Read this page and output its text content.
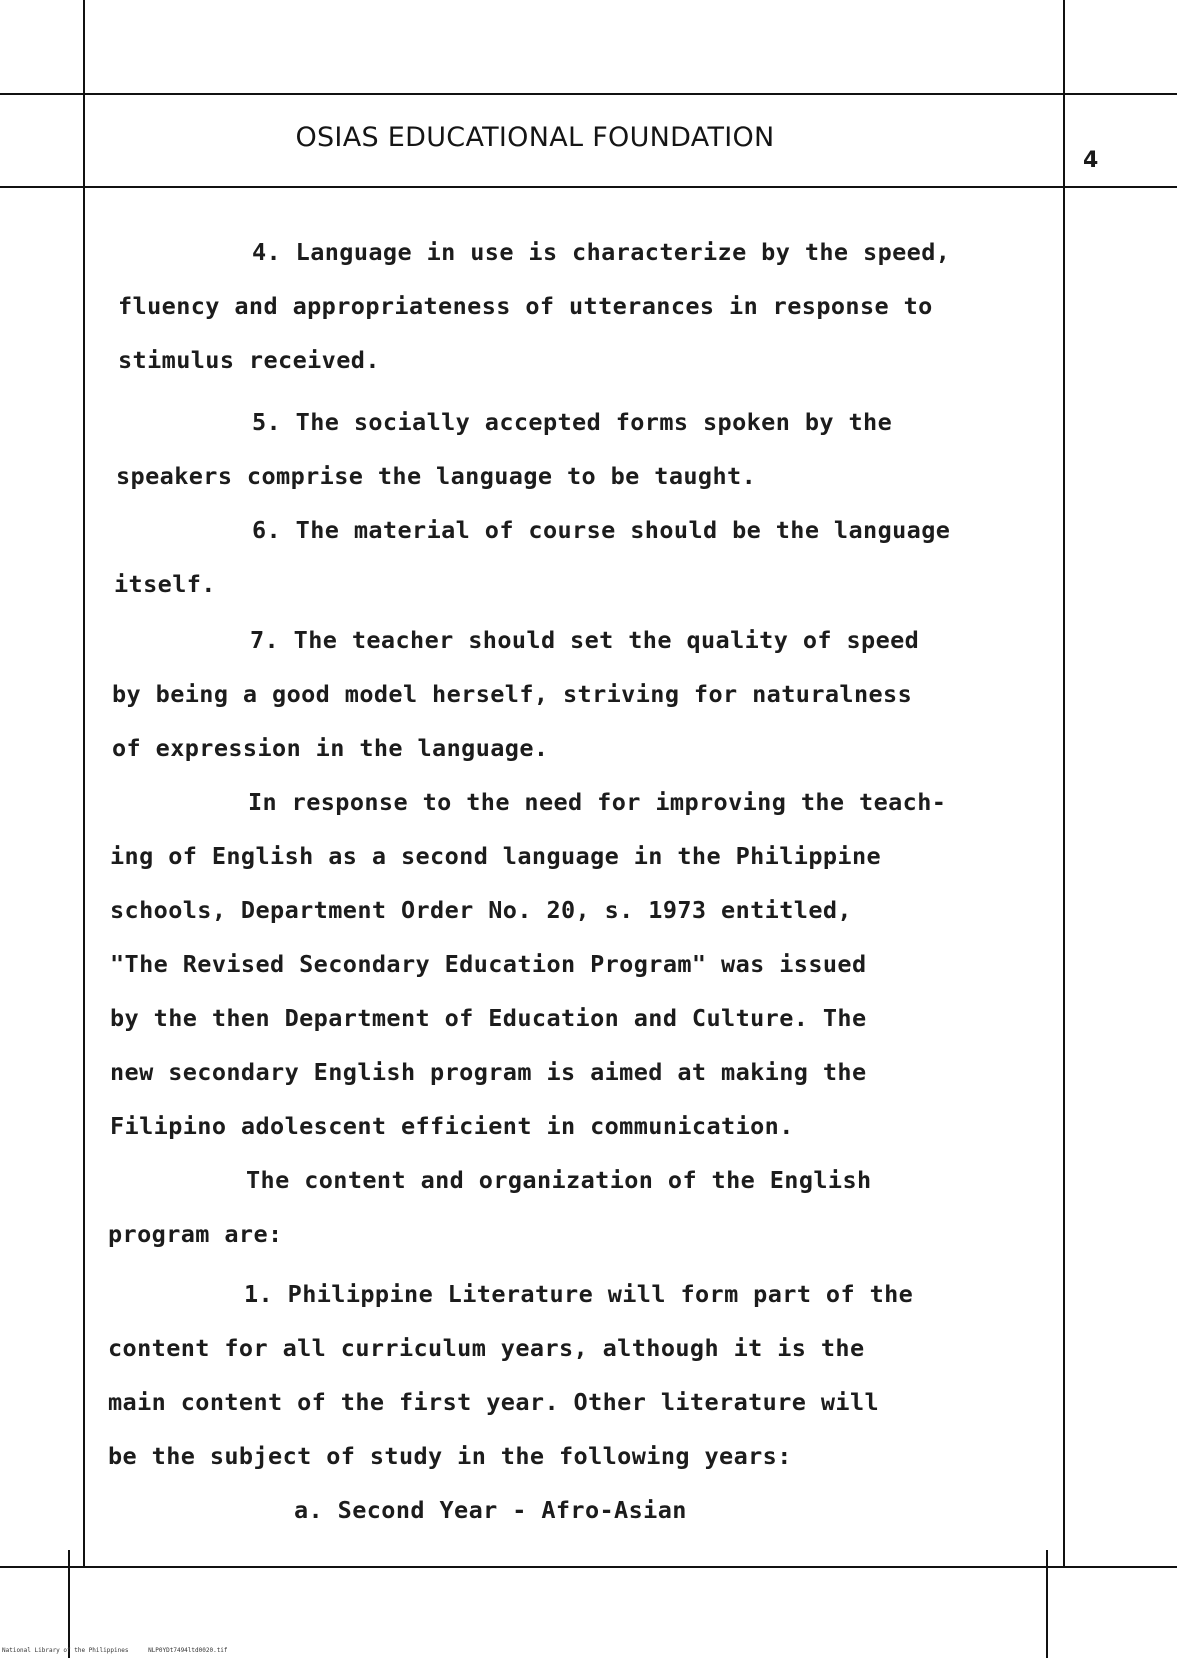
OSIAS EDUCATIONAL FOUNDATION
4
4. Language in use is characterize by the speed,
fluency and appropriateness of utterances in response to
stimulus received.
5. The socially accepted forms spoken by the
speakers comprise the language to be taught.
6. The material of course should be the language
itself.
7. The teacher should set the quality of speed
by being a good model herself, striving for naturalness
of expression in the language.
In response to the need for improving the teach-
ing of English as a second language in the Philippine
schools, Department Order No. 20, s. 1973 entitled,
"The Revised Secondary Education Program" was issued
by the then Department of Education and Culture. The
new secondary English program is aimed at making the
Filipino adolescent efficient in communication.
The content and organization of the English
program are:
1. Philippine Literature will form part of the
content for all curriculum years, although it is the
main content of the first year. Other literature will
be the subject of study in the following years:
a. Second Year - Afro-Asian
National Library of the Philippines	NLP0YDt7494ltd0020.tif
